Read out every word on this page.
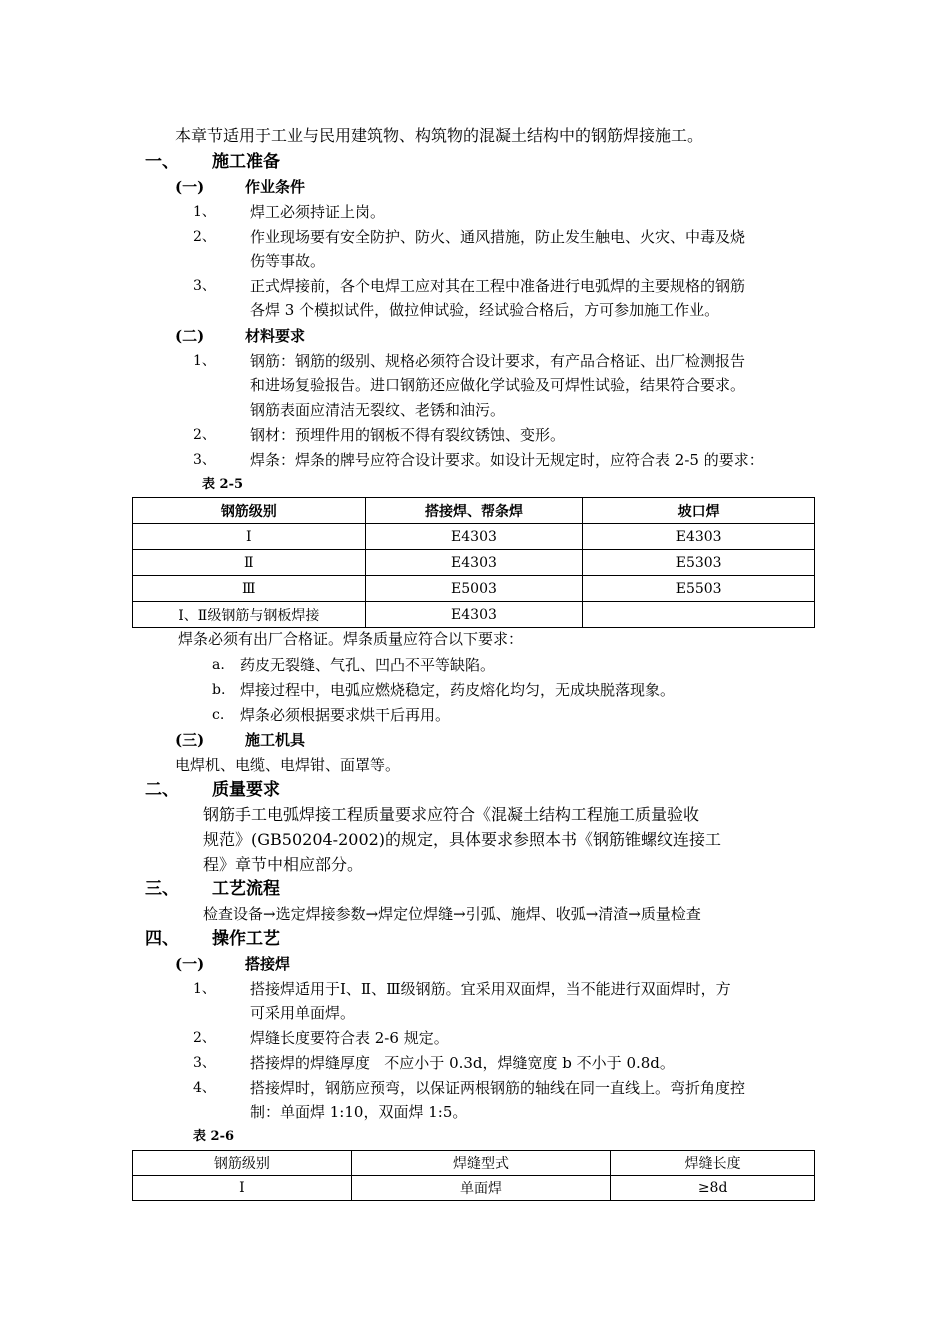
本章节适用于工业与民用建筑物、构筑物的混凝土结构中的钢筋焊接施工。
一、 施工准备
(一)	作业条件
1、 焊工必须持证上岗。
2、 作业现场要有安全防护、防火、通风措施，防止发生触电、火灾、中毒及烧
伤等事故。
3、 正式焊接前，各个电焊工应对其在工程中准备进行电弧焊的主要规格的钢筋
各焊 3 个模拟试件，做拉伸试验，经试验合格后，方可参加施工作业。
(二)	材料要求
1、 钢筋：钢筋的级别、规格必须符合设计要求，有产品合格证、出厂检测报告
和进场复验报告。进口钢筋还应做化学试验及可焊性试验，结果符合要求。
钢筋表面应清洁无裂纹、老锈和油污。
2、 钢材：预埋件用的钢板不得有裂纹锈蚀、变形。
3、 焊条：焊条的牌号应符合设计要求。如设计无规定时，应符合表 2-5 的要求：
表 2-5
钢筋级别	搭接焊、帮条焊	坡口焊
Ⅰ	E4303	E4303
Ⅱ	E4303	E5303
Ⅲ	E5003	E5503
Ⅰ、Ⅱ级钢筋与钢板焊接	E4303	
焊条必须有出厂合格证。焊条质量应符合以下要求：
a. 药皮无裂缝、气孔、凹凸不平等缺陷。
b. 焊接过程中，电弧应燃烧稳定，药皮熔化均匀，无成块脱落现象。
c. 焊条必须根据要求烘干后再用。
(三)	施工机具
电焊机、电缆、电焊钳、面罩等。
二、 质量要求
钢筋手工电弧焊接工程质量要求应符合《混凝土结构工程施工质量验收
规范》(GB50204-2002)的规定，具体要求参照本书《钢筋锥螺纹连接工
程》章节中相应部分。
三、 工艺流程
检查设备→选定焊接参数→焊定位焊缝→引弧、施焊、收弧→清渣→质量检查
四、 操作工艺
(一)	搭接焊
1、 搭接焊适用于Ⅰ、Ⅱ、Ⅲ级钢筋。宜采用双面焊，当不能进行双面焊时，方
可采用单面焊。
2、 焊缝长度要符合表 2-6 规定。
3、 搭接焊的焊缝厚度   不应小于 0.3d，焊缝宽度 b 不小于 0.8d。
4、 搭接焊时，钢筋应预弯，以保证两根钢筋的轴线在同一直线上。弯折角度控
制：单面焊 1:10，双面焊 1:5。
表 2-6
钢筋级别	焊缝型式	焊缝长度
Ⅰ	单面焊	≥8d
